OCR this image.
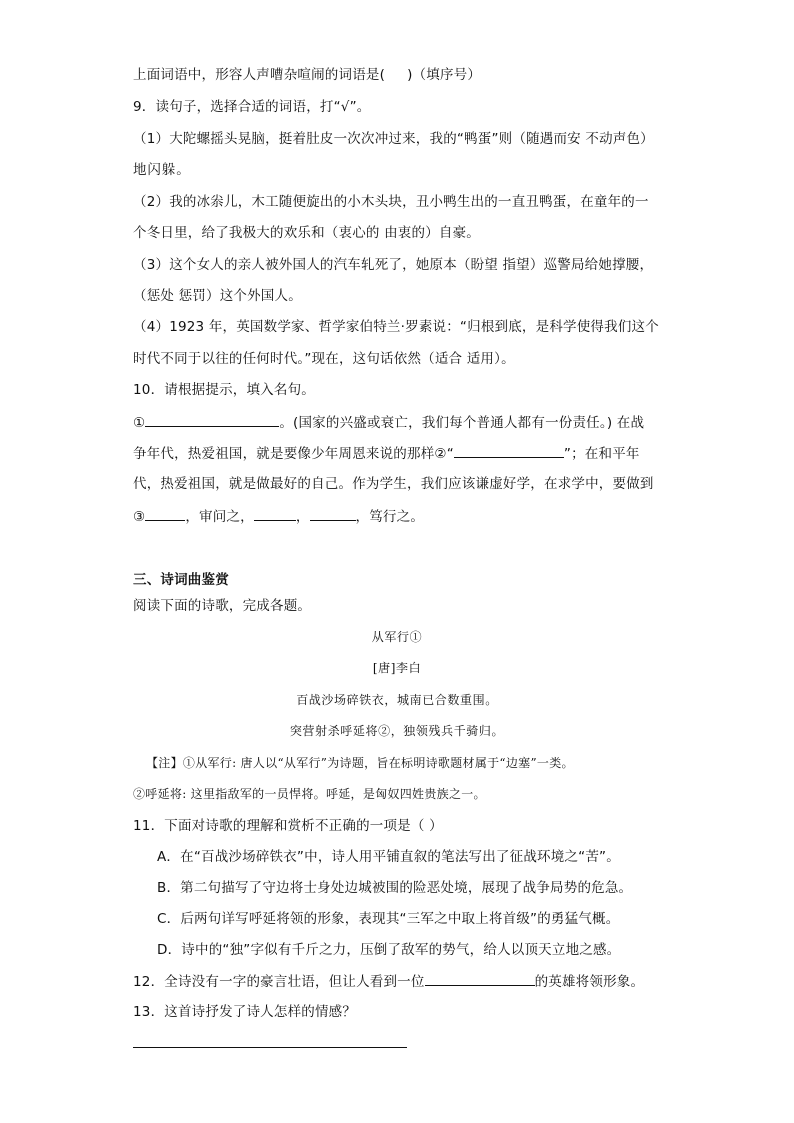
上面词语中，形容人声嘈杂喧闹的词语是( )（填序号）
9．读句子，选择合适的词语，打“√”。
（1）大陀螺摇头晃脑，挺着肚皮一次次冲过来，我的“鸭蛋”则（随遇而安 不动声色）
地闪躲。
（2）我的冰尜儿，木工随便旋出的小木头块，丑小鸭生出的一直丑鸭蛋，在童年的一
个冬日里，给了我极大的欢乐和（衷心的 由衷的）自豪。
（3）这个女人的亲人被外国人的汽车轧死了，她原本（盼望 指望）巡警局给她撑腰，
（惩处 惩罚）这个外国人。
（4）1923 年，英国数学家、哲学家伯特兰·罗素说：“归根到底，是科学使得我们这个
时代不同于以往的任何时代。”现在，这句话依然（适合 适用）。
10．请根据提示，填入名句。
①	。(国家的兴盛或衰亡，我们每个普通人都有一份责任。) 在战
争年代，热爱祖国，就是要像少年周恩来说的那样②“	”；在和平年
代，热爱祖国，就是做最好的自己。作为学生，我们应该谦虚好学，在求学中，要做到
③	，审问之，	，	，笃行之。
三、诗词曲鉴赏
阅读下面的诗歌，完成各题。
从军行①
[唐]李白
百战沙场碎铁衣，城南已合数重围。
突营射杀呼延将②，独领残兵千骑归。
【注】①从军行: 唐人以“从军行”为诗题，旨在标明诗歌题材属于“边塞”一类。
②呼延将: 这里指敌军的一员悍将。呼延，是匈奴四姓贵族之一。
11．下面对诗歌的理解和赏析不正确的一项是（ ）
A．在“百战沙场碎铁衣”中，诗人用平铺直叙的笔法写出了征战环境之“苦”。
B．第二句描写了守边将士身处边城被围的险恶处境，展现了战争局势的危急。
C．后两句详写呼延将领的形象，表现其“三军之中取上将首级”的勇猛气概。
D．诗中的“独”字似有千斤之力，压倒了敌军的势气，给人以顶天立地之感。
12．全诗没有一字的豪言壮语，但让人看到一位	的英雄将领形象。
13．这首诗抒发了诗人怎样的情感？
